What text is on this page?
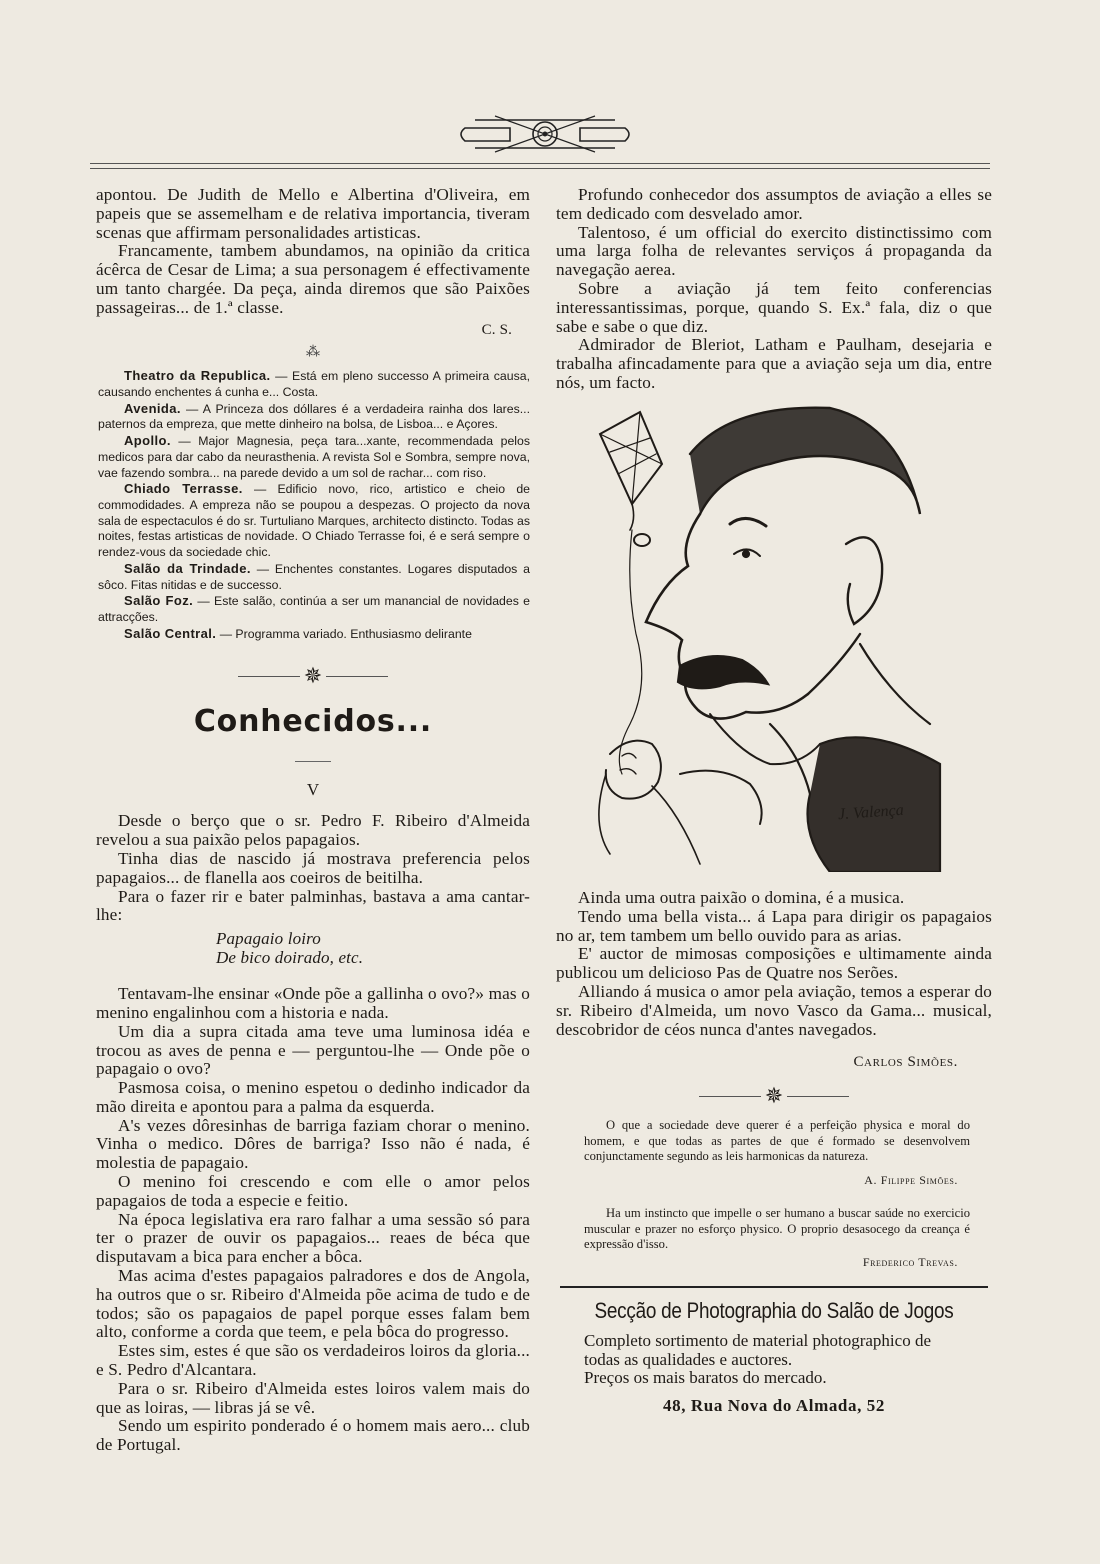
apontou. De Judith de Mello e Albertina d'Oliveira, em papeis que se assemelham e de relativa importancia, tiveram scenas que affirmam personalidades artisticas.

Francamente, tambem abundamos, na opinião da critica ácêrca de Cesar de Lima; a sua personagem é effectivamente um tanto chargée. Da peça, ainda diremos que são Paixões passageiras... de 1.ª classe.

C. S.

⁂

Theatro da Republica. — Está em pleno successo A primeira causa, causando enchentes á cunha e... Costa.

Avenida. — A Princeza dos dóllares é a verdadeira rainha dos lares... paternos da empreza, que mette dinheiro na bolsa, de Lisboa... e Açores.

Apollo. — Major Magnesia, peça tara...xante, recommendada pelos medicos para dar cabo da neurasthenia. A revista Sol e Sombra, sempre nova, vae fazendo sombra... na parede devido a um sol de rachar... com riso.

Chiado Terrasse. — Edificio novo, rico, artistico e cheio de commodidades. A empreza não se poupou a despezas. O projecto da nova sala de espectaculos é do sr. Turtuliano Marques, architecto distincto. Todas as noites, festas artisticas de novidade. O Chiado Terrasse foi, é e será sempre o rendez-vous da sociedade chic.

Salão da Trindade. — Enchentes constantes. Logares disputados a sôco. Fitas nitidas e de successo.

Salão Foz. — Este salão, continúa a ser um manancial de novidades e attracções.

Salão Central. — Programma variado. Enthusiasmo delirante

✵
Conhecidos...
V

Desde o berço que o sr. Pedro F. Ribeiro d'Almeida revelou a sua paixão pelos papagaios.

Tinha dias de nascido já mostrava preferencia pelos papagaios... de flanella aos coeiros de beitilha.

Para o fazer rir e bater palminhas, bastava a ama cantar-lhe:

Papagaio loiro

De bico doirado, etc.

Tentavam-lhe ensinar «Onde põe a gallinha o ovo?» mas o menino engalinhou com a historia e nada.

Um dia a supra citada ama teve uma luminosa idéa e trocou as aves de penna e — perguntou-lhe — Onde põe o papagaio o ovo?

Pasmosa coisa, o menino espetou o dedinho indicador da mão direita e apontou para a palma da esquerda.

A's vezes dôresinhas de barriga faziam chorar o menino. Vinha o medico. Dôres de barriga? Isso não é nada, é molestia de papagaio.

O menino foi crescendo e com elle o amor pelos papagaios de toda a especie e feitio.

Na época legislativa era raro falhar a uma sessão só para ter o prazer de ouvir os papagaios... reaes de béca que disputavam a bica para encher a bôca.

Mas acima d'estes papagaios palradores e dos de Angola, ha outros que o sr. Ribeiro d'Almeida põe acima de tudo e de todos; são os papagaios de papel porque esses falam bem alto, conforme a corda que teem, e pela bôca do progresso.

Estes sim, estes é que são os verdadeiros loiros da gloria... e S. Pedro d'Alcantara.

Para o sr. Ribeiro d'Almeida estes loiros valem mais do que as loiras, — libras já se vê.

Sendo um espirito ponderado é o homem mais aero... club de Portugal.

Profundo conhecedor dos assumptos de aviação a elles se tem dedicado com desvelado amor.

Talentoso, é um official do exercito distinctissimo com uma larga folha de relevantes serviços á propaganda da navegação aerea.

Sobre a aviação já tem feito conferencias interessantissimas, porque, quando S. Ex.ª fala, diz o que sabe e sabe o que diz.

Admirador de Bleriot, Latham e Paulham, desejaria e trabalha afincadamente para que a aviação seja um dia, entre nós, um facto.

J. Valença

Ainda uma outra paixão o domina, é a musica.

Tendo uma bella vista... á Lapa para dirigir os papagaios no ar, tem tambem um bello ouvido para as arias.

E' auctor de mimosas composições e ultimamente ainda publicou um delicioso Pas de Quatre nos Serões.

Alliando á musica o amor pela aviação, temos a esperar do sr. Ribeiro d'Almeida, um novo Vasco da Gama... musical, descobridor de céos nunca d'antes navegados.

Carlos Simões.

✵

O que a sociedade deve querer é a perfeição physica e moral do homem, e que todas as partes de que é formado se desenvolvem conjunctamente segundo as leis harmonicas da natureza.

A. Filippe Simões.

Ha um instincto que impelle o ser humano a buscar saúde no exercicio muscular e prazer no esforço physico. O proprio desasocego da creança é expressão d'isso.

Frederico Trevas.

Secção de Photographia do Salão de Jogos

Completo sortimento de material photographico de

todas as qualidades e auctores.

Preços os mais baratos do mercado.

48, Rua Nova do Almada, 52
